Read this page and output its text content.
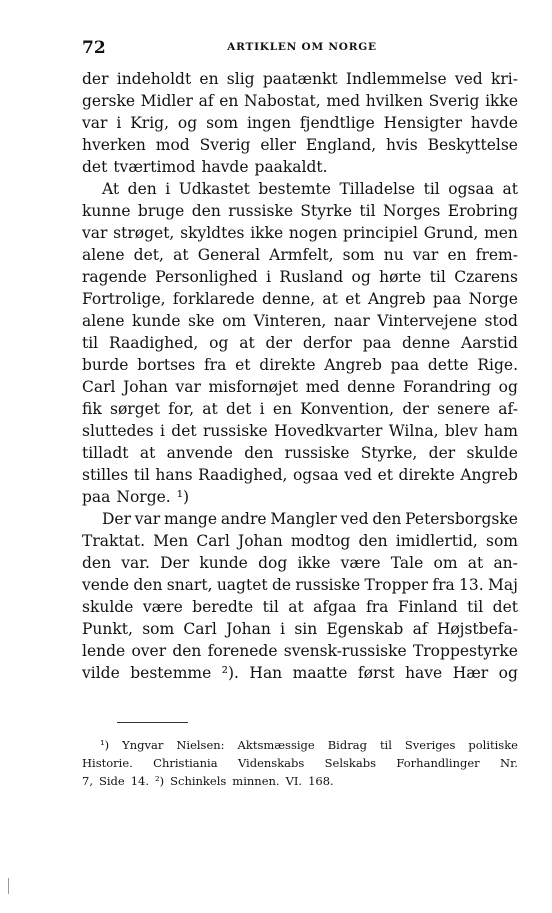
72	ARTIKLEN OM NORGE
der indeholdt en slig paatænkt Indlemmelse ved kri-
gerske Midler af en Nabostat, med hvilken Sverig ikke
var i Krig, og som ingen fjendtlige Hensigter havde
hverken mod Sverig eller England, hvis Beskyttelse
det tværtimod havde paakaldt.
At den i Udkastet bestemte Tilladelse til ogsaa at
kunne bruge den russiske Styrke til Norges Erobring
var strøget, skyldtes ikke nogen principiel Grund, men
alene det, at General Armfelt, som nu var en frem-
ragende Personlighed i Rusland og hørte til Czarens
Fortrolige, forklarede denne, at et Angreb paa Norge
alene kunde ske om Vinteren, naar Vintervejene stod
til Raadighed, og at der derfor paa denne Aarstid
burde bortses fra et direkte Angreb paa dette Rige.
Carl Johan var misfornøjet med denne Forandring og
fik sørget for, at det i en Konvention, der senere af-
sluttedes i det russiske Hovedkvarter Wilna, blev ham
tilladt at anvende den russiske Styrke, der skulde
stilles til hans Raadighed, ogsaa ved et direkte Angreb
paa Norge. ¹)
Der var mange andre Mangler ved den Petersborgske
Traktat. Men Carl Johan modtog den imidlertid, som
den var. Der kunde dog ikke være Tale om at an-
vende den snart, uagtet de russiske Tropper fra 13. Maj
skulde være beredte til at afgaa fra Finland til det
Punkt, som Carl Johan i sin Egenskab af Højstbefa-
lende over den forenede svensk-russiske Troppestyrke
vilde bestemme ²). Han maatte først have Hær og
¹) Yngvar Nielsen: Aktsmæssige Bidrag til Sveriges politiske
Historie. Christiania Videnskabs Selskabs Forhandlinger Nr.
7, Side 14. ²) Schinkels minnen. VI. 168.
